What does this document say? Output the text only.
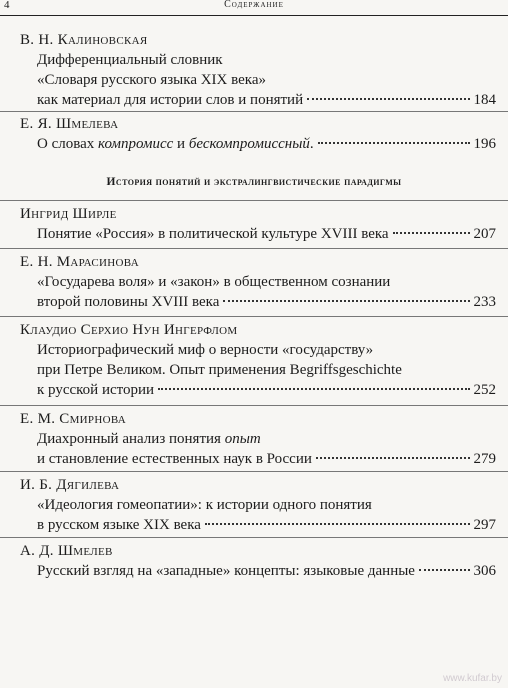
4	Содержание
В. Н. Калиновская
Дифференциальный словник
«Словаря русского языка XIX века»
как материал для истории слов и понятий	184
Е. Я. Шмелева
О словах компромисс и бескомпромиссный.	196
История понятий и экстралингвистические парадигмы
Ингрид Ширле
Понятие «Россия» в политической культуре XVIII века	207
Е. Н. Марасинова
«Государева воля» и «закон» в общественном сознании
второй половины XVIII века	233
Клаудио Серхио Нун Ингерфлом
Историографический миф о верности «государству»
при Петре Великом. Опыт применения Begriffsgeschichte
к русской истории	252
Е. М. Смирнова
Диахронный анализ понятия опыт
и становление естественных наук в России	279
И. Б. Дягилева
«Идеология гомеопатии»: к истории одного понятия
в русском языке XIX века	297
А. Д. Шмелев
Русский взгляд на «западные» концепты: языковые данные	306
www.kufar.by
